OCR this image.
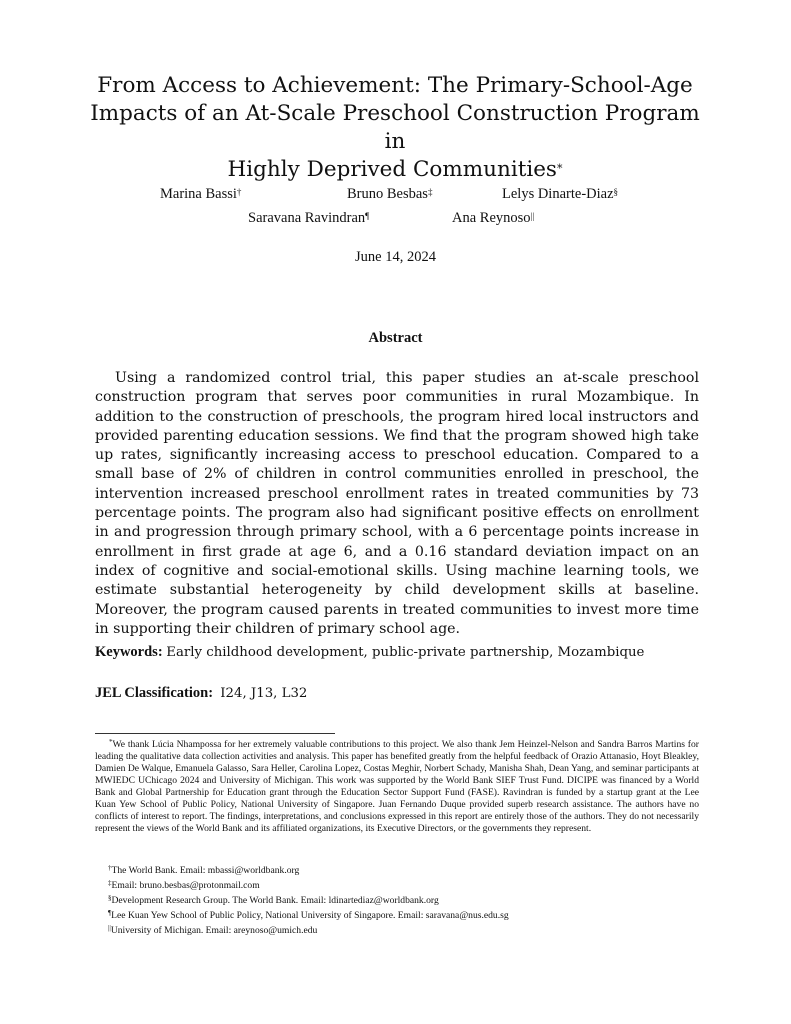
From Access to Achievement: The Primary-School-Age
Impacts of an At-Scale Preschool Construction Program in
Highly Deprived Communities*
Marina Bassi†	Bruno Besbas‡	Lelys Dinarte-Diaz§
Saravana Ravindran¶	Ana Reynoso||
June 14, 2024
Abstract
Using a randomized control trial, this paper studies an at-scale preschool construction program that serves poor communities in rural Mozambique. In addition to the construction of preschools, the program hired local instructors and provided parenting education sessions. We find that the program showed high take up rates, significantly increasing access to preschool education. Compared to a small base of 2% of children in control communities enrolled in preschool, the intervention increased preschool enrollment rates in treated communities by 73 percentage points. The program also had significant positive effects on enrollment in and progression through primary school, with a 6 percentage points increase in enrollment in first grade at age 6, and a 0.16 standard deviation impact on an index of cognitive and social-emotional skills. Using machine learning tools, we estimate substantial heterogeneity by child development skills at baseline. Moreover, the program caused parents in treated communities to invest more time in supporting their children of primary school age.
Keywords: Early childhood development, public-private partnership, Mozambique
JEL Classification: I24, J13, L32
*We thank Lúcia Nhampossa for her extremely valuable contributions to this project. We also thank Jem Heinzel-Nelson and Sandra Barros Martins for leading the qualitative data collection activities and analysis. This paper has benefited greatly from the helpful feedback of Orazio Attanasio, Hoyt Bleakley, Damien De Walque, Emanuela Galasso, Sara Heller, Carolina Lopez, Costas Meghir, Norbert Schady, Manisha Shah, Dean Yang, and seminar participants at MWIEDC UChicago 2024 and University of Michigan. This work was supported by the World Bank SIEF Trust Fund. DICIPE was financed by a World Bank and Global Partnership for Education grant through the Education Sector Support Fund (FASE). Ravindran is funded by a startup grant at the Lee Kuan Yew School of Public Policy, National University of Singapore. Juan Fernando Duque provided superb research assistance. The authors have no conflicts of interest to report. The findings, interpretations, and conclusions expressed in this report are entirely those of the authors. They do not necessarily represent the views of the World Bank and its affiliated organizations, its Executive Directors, or the governments they represent.
†The World Bank. Email: mbassi@worldbank.org
‡Email: bruno.besbas@protonmail.com
§Development Research Group. The World Bank. Email: ldinartediaz@worldbank.org
¶Lee Kuan Yew School of Public Policy, National University of Singapore. Email: saravana@nus.edu.sg
||University of Michigan. Email: areynoso@umich.edu
